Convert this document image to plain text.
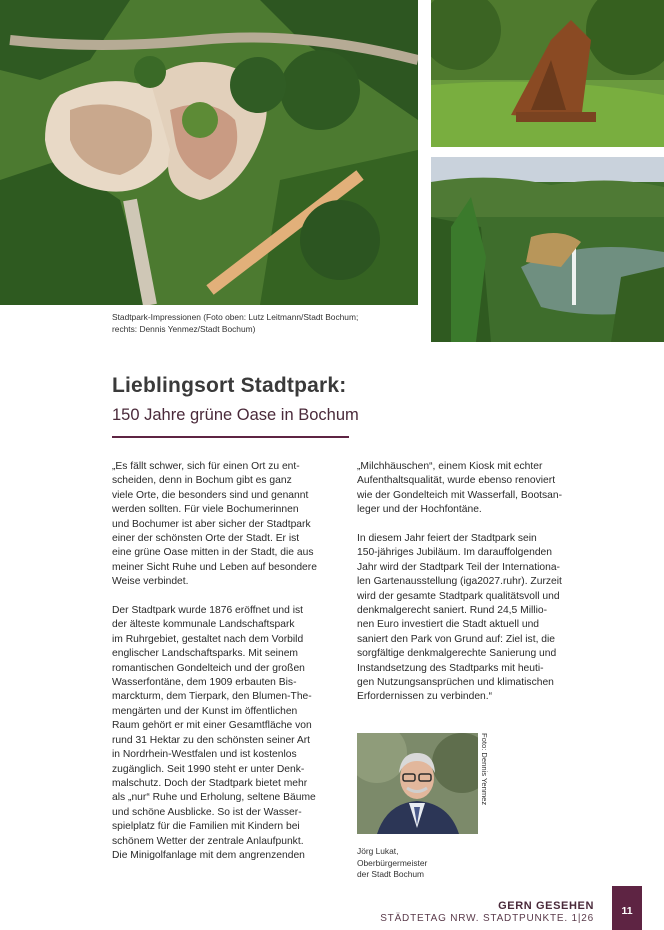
Stadtpark-Impressionen (Foto oben: Lutz Leitmann/Stadt Bochum;
rechts: Dennis Yenmez/Stadt Bochum)
Lieblingsort Stadtpark:
150 Jahre grüne Oase in Bochum

„Es fällt schwer, sich für einen Ort zu ent-
scheiden, denn in Bochum gibt es ganz
viele Orte, die besonders sind und genannt
werden sollten. Für viele Bochumerinnen
und Bochumer ist aber sicher der Stadtpark
einer der schönsten Orte der Stadt. Er ist
eine grüne Oase mitten in der Stadt, die aus
meiner Sicht Ruhe und Leben auf besondere
Weise verbindet.

Der Stadtpark wurde 1876 eröffnet und ist
der älteste kommunale Landschaftspark
im Ruhrgebiet, gestaltet nach dem Vorbild
englischer Landschaftsparks. Mit seinem
romantischen Gondelteich und der großen
Wasserfontäne, dem 1909 erbauten Bis-
marckturm, dem Tierpark, den Blumen-The-
mengärten und der Kunst im öffentlichen
Raum gehört er mit einer Gesamtfläche von
rund 31 Hektar zu den schönsten seiner Art
in Nordrhein-Westfalen und ist kostenlos
zugänglich. Seit 1990 steht er unter Denk-
malschutz. Doch der Stadtpark bietet mehr
als „nur“ Ruhe und Erholung, seltene Bäume
und schöne Ausblicke. So ist der Wasser-
spielplatz für die Familien mit Kindern bei
schönem Wetter der zentrale Anlaufpunkt.
Die Minigolfanlage mit dem angrenzenden

„Milchhäuschen“, einem Kiosk mit echter
Aufenthaltsqualität, wurde ebenso renoviert
wie der Gondelteich mit Wasserfall, Bootsan-
leger und der Hochfontäne.

In diesem Jahr feiert der Stadtpark sein
150-jähriges Jubiläum. Im darauffolgenden
Jahr wird der Stadtpark Teil der Internationa-
len Gartenausstellung (iga2027.ruhr). Zurzeit
wird der gesamte Stadtpark qualitätsvoll und
denkmalgerecht saniert. Rund 24,5 Millio-
nen Euro investiert die Stadt aktuell und
saniert den Park von Grund auf: Ziel ist, die
sorgfältige denkmalgerechte Sanierung und
Instandsetzung des Stadtparks mit heuti-
gen Nutzungsansprüchen und klimatischen
Erfordernissen zu verbinden.“

Foto: Dennis Yenmez
Jörg Lukat,
Oberbürgermeister
der Stadt Bochum
GERN GESEHEN
STÄDTETAG NRW. STADTPUNKTE. 1|26
11
